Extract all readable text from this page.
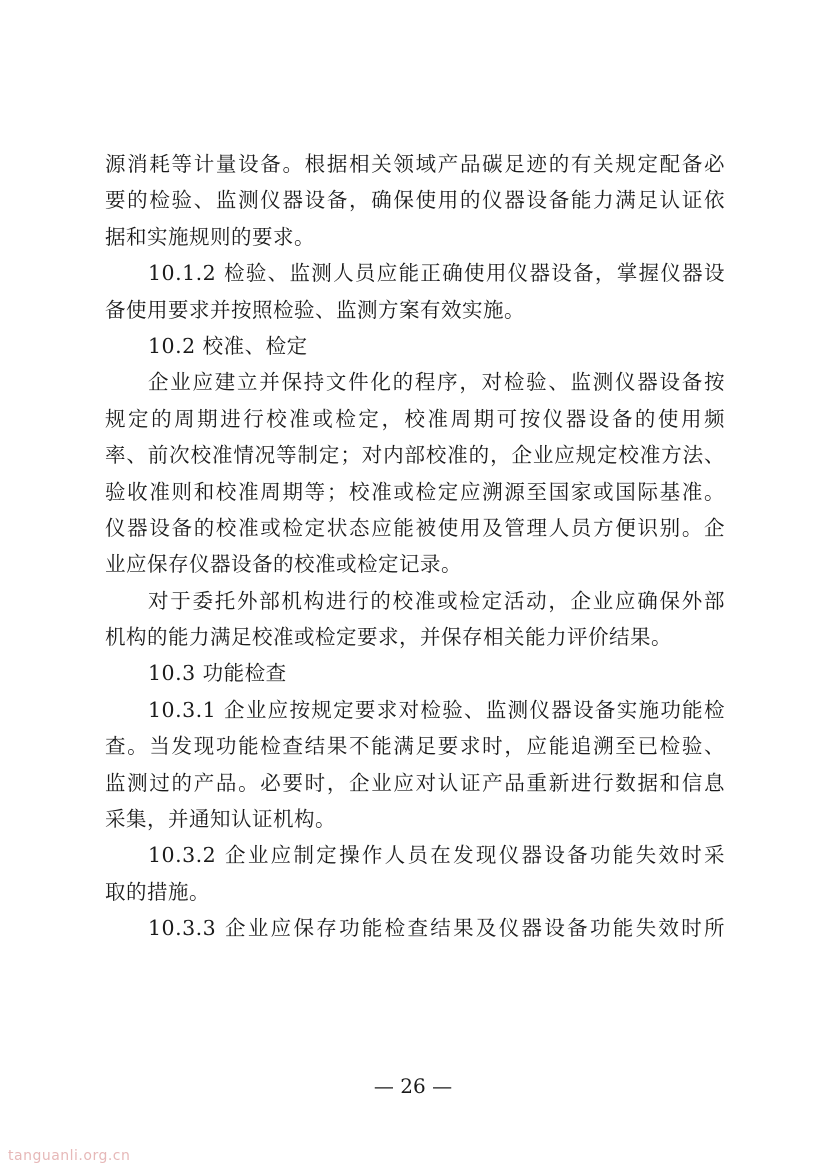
源消耗等计量设备。根据相关领域产品碳足迹的有关规定配备必
要的检验、监测仪器设备，确保使用的仪器设备能力满足认证依
据和实施规则的要求。
10.1.2 检验、监测人员应能正确使用仪器设备，掌握仪器设
备使用要求并按照检验、监测方案有效实施。
10.2 校准、检定
企业应建立并保持文件化的程序，对检验、监测仪器设备按
规定的周期进行校准或检定，校准周期可按仪器设备的使用频
率、前次校准情况等制定；对内部校准的，企业应规定校准方法、
验收准则和校准周期等；校准或检定应溯源至国家或国际基准。
仪器设备的校准或检定状态应能被使用及管理人员方便识别。企
业应保存仪器设备的校准或检定记录。
对于委托外部机构进行的校准或检定活动，企业应确保外部
机构的能力满足校准或检定要求，并保存相关能力评价结果。
10.3 功能检查
10.3.1 企业应按规定要求对检验、监测仪器设备实施功能检
查。当发现功能检查结果不能满足要求时，应能追溯至已检验、
监测过的产品。必要时，企业应对认证产品重新进行数据和信息
采集，并通知认证机构。
10.3.2 企业应制定操作人员在发现仪器设备功能失效时采
取的措施。
10.3.3 企业应保存功能检查结果及仪器设备功能失效时所
— 26 —
tanguanli.org.cn
